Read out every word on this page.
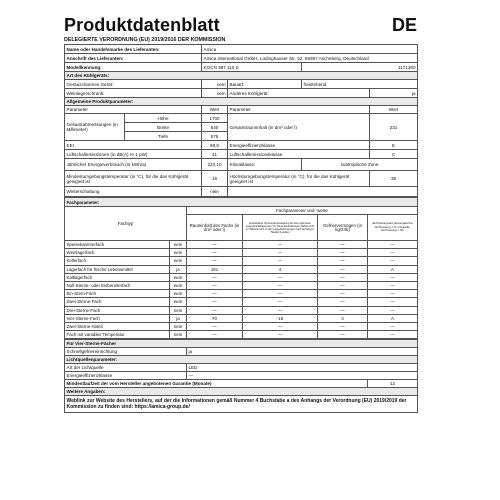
Produktdatenblatt	DE
DELEGIERTE VERORDNUNG (EU) 2019/2016 DER KOMMISSION
Name oder Handelsmarke des Lieferanten:		Amica			
Anschrift des Lieferanten:		Amica International GmbH, Lüdinghauser Str. 52, 59387 Ascheberg, Deutschland			
Modellkennung:		KGCN 387 110 S		1171360	
Art des Kühlgeräts:					
Geräuscharmes Gerät:		nein	Bauart:	freistehend	
Weinlagerschrank:		nein	Anderes Kühlgerät:		ja
Allgemeine Produktparameter:					
Parameter		Wert	Parameter		Wert
Gesamtabmessungen (in Millimeter)	Höhe	1700	Gesamtrauminhalt (in dm³ oder l)		231
	Breite	540			
	Tiefe	576			
EEI		99,6	Energieeffizienzklasse		E
Luftschallemissionen (in dB(A) re 1 pW)		41	Luftschallemissionsklasse		C
Jährlicher Energieverbrauch (in kWh/a)		220,10	Klimaklasse:	subtropische Zone	
Mindestumgebungstemperatur (in °C), für die das Kühlgerät geeignet ist		16	Höchstumgebungstemperatur (in °C), für die das Kühlgerät geeignet ist		38
Winterschaltung		nein			
Fachparameter:					
Fachtyp		Fachparameter und -werte			
		Rauminhalt des Fachs (in dm³ oder l)	Empfohlene Temperatureinstellung für eine optimierte Lebensmittellagerung (°C) Diese Einstellungen dürfen nicht im Widerspruch zu den Lagerbedingungen nach Anhang IV Tabelle 3 stehen	Gefriervermögen (in kg/24h)	Entfrostungsart (automatische Entfrostung = A, manuelle Entfrostung = M)
Speisekammerfach	nein	—	—	—	—
Weinlagerfach	nein	—	—	—	—
Kellerfach	nein	—	—	—	—
Lagerfach für frische Lebensmittel	ja	161	4	—	A
Kaltlagerfach	nein	—	—	—	—
Null-Sterne- oder Eisbereiterfach	nein	—	—	—	—
Ein-Stern-Fach	nein	—	—	—	—
Zwei-Sterne-Fach	nein	—	—	—	—
Drei-Sterne-Fach	nein	—	—	—	—
Vier-Sterne-Fach	ja	70	-18	3	A
Zwei-Sterne-Abteil	nein	—	—	—	—
Fach mit variabler Temperatur	nein	—	—	—	—
Für Vier-Sterne-Fächer		
Schnellgefriereinrichtung	ja	
Lichtquellenparameter:		
Art der Lichtquelle	LED	
Energieeffizienzklasse	—	
Mindestlaufzeit der vom Hersteller angebotenen Garantie (Monate)		12
Weitere Angaben:		
Weblink zur Website des Herstellers, auf der die Informationen gemäß Nummer 4 Buchstabe a des Anhangs der Verordnung (EU) 2019/2019 der Kommission zu finden sind: https://amica-group.de/		
